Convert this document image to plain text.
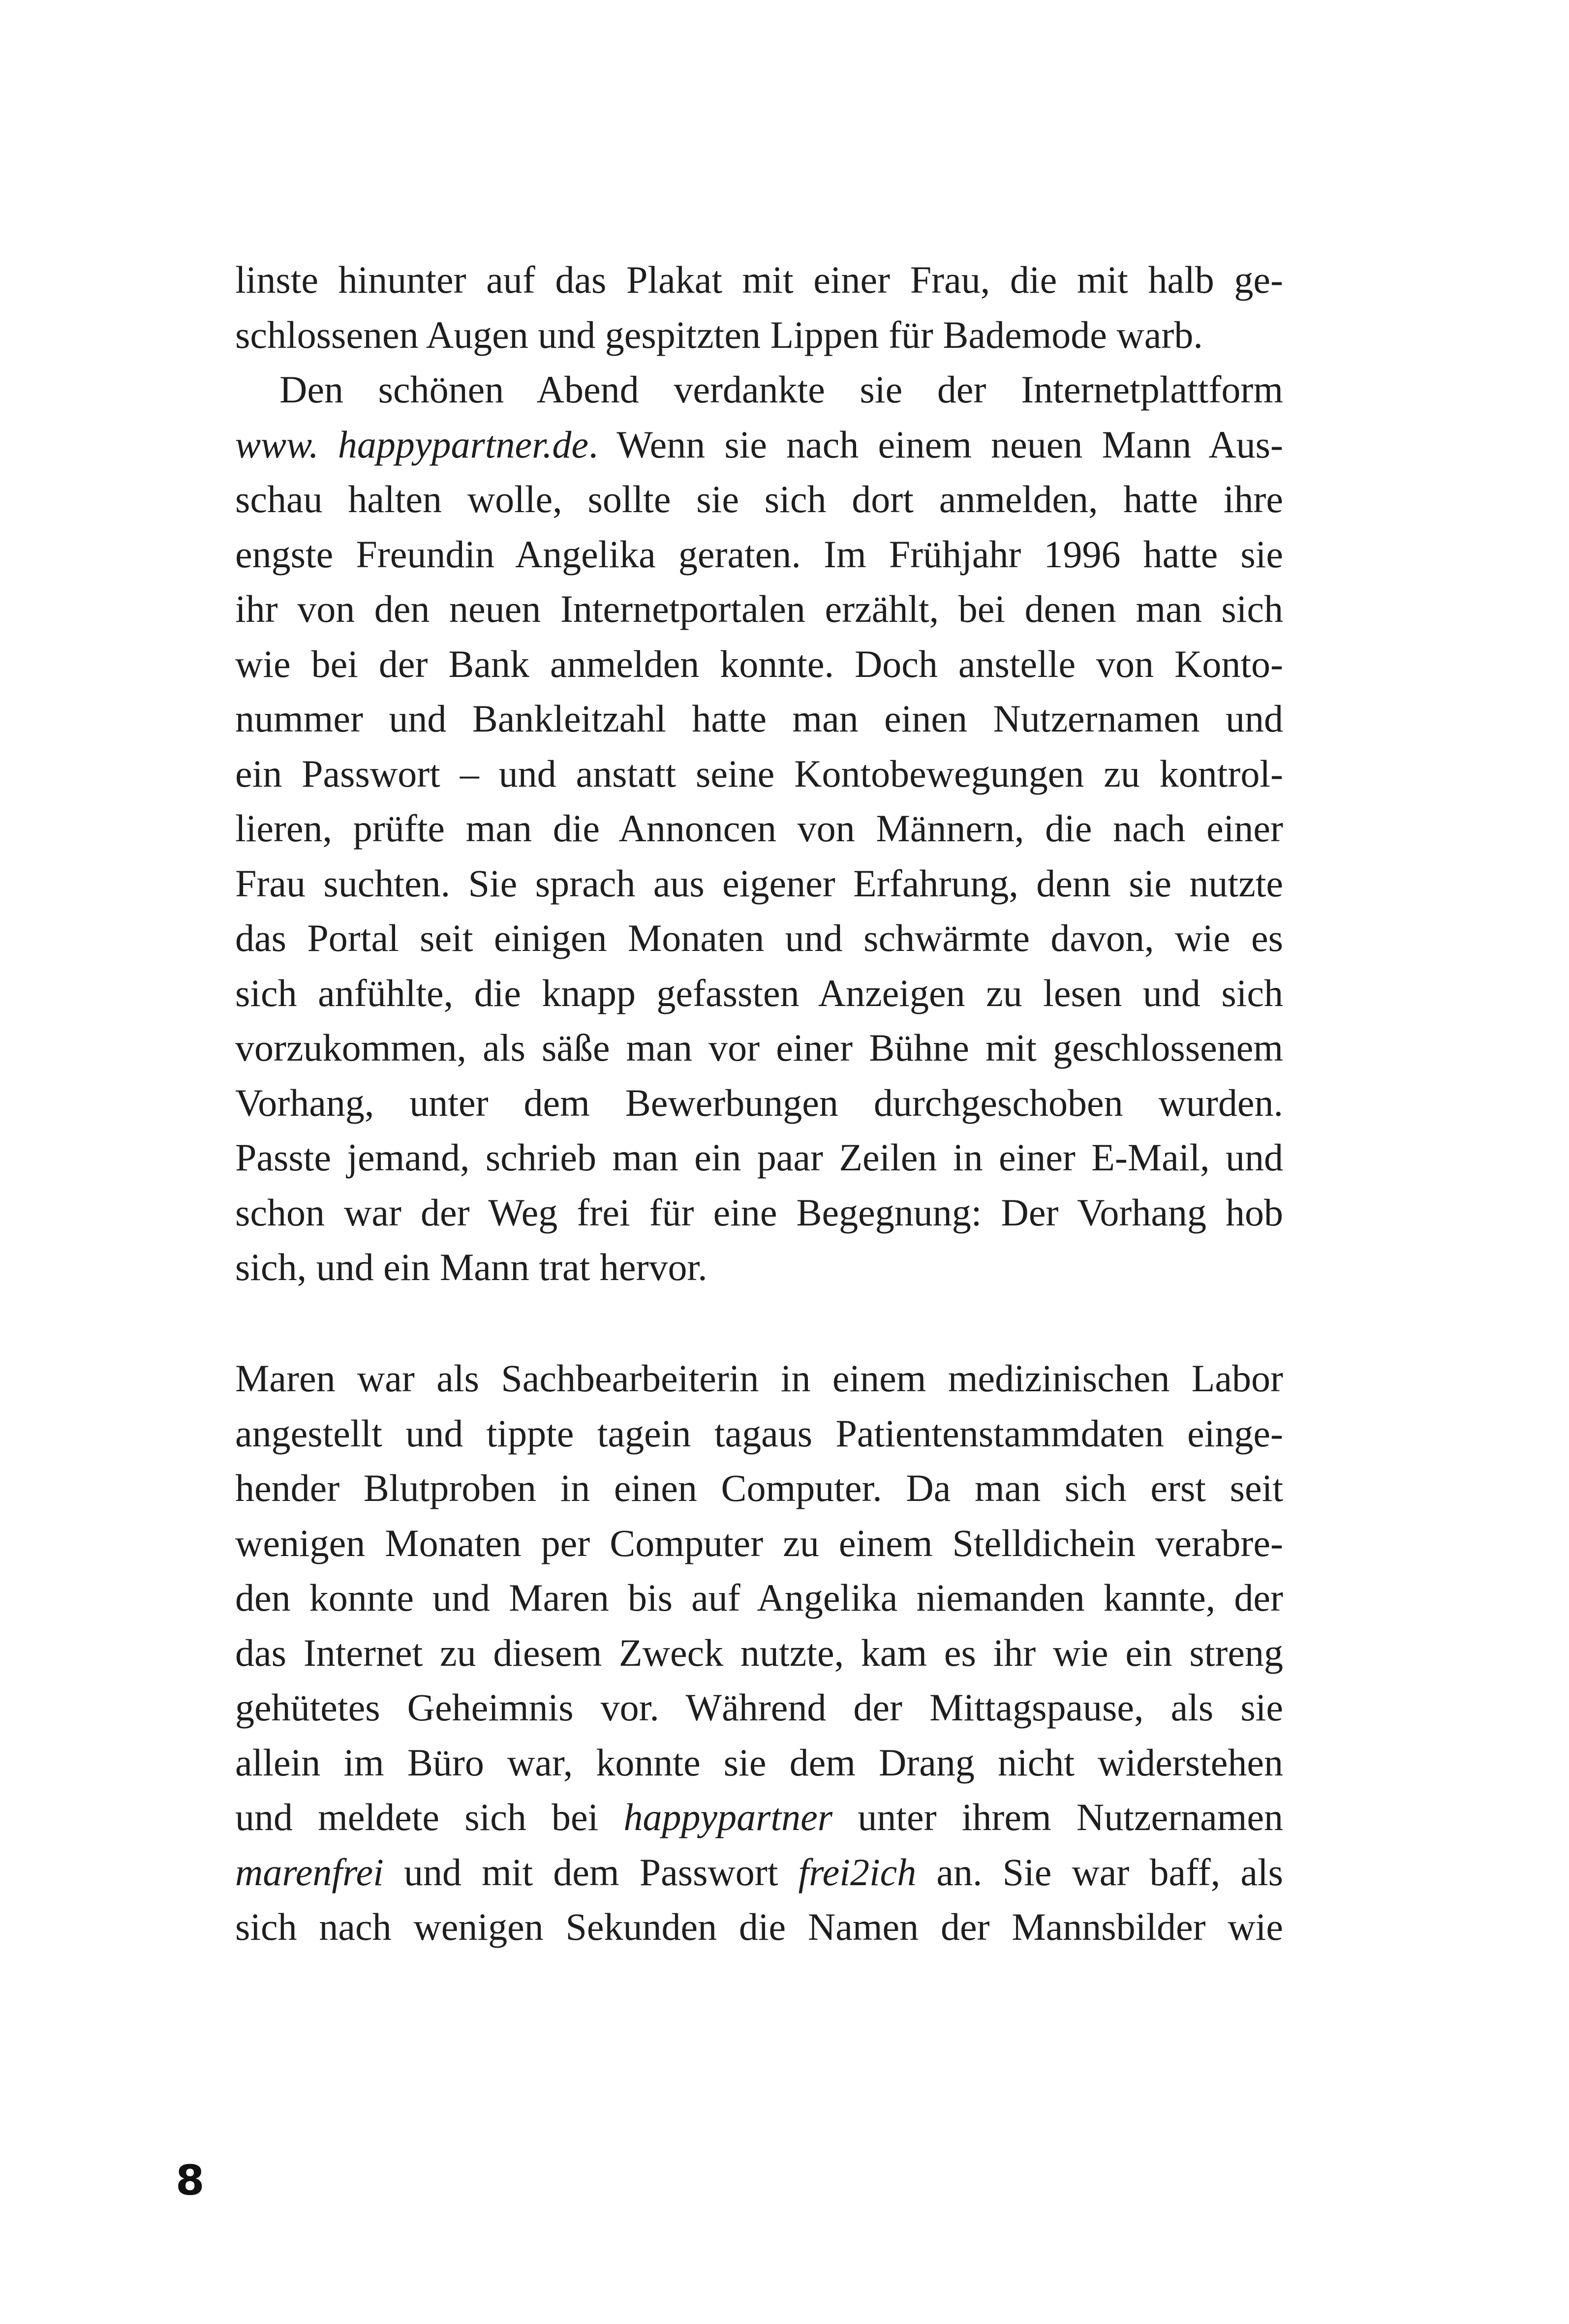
linste hinunter auf das Plakat mit einer Frau, die mit halb ge-
schlossenen Augen und gespitzten Lippen für Bademode warb.
Den schönen Abend verdankte sie der Internetplattform
www. happypartner.de. Wenn sie nach einem neuen Mann Aus-
schau halten wolle, sollte sie sich dort anmelden, hatte ihre
engste Freundin Angelika geraten. Im Frühjahr 1996 hatte sie
ihr von den neuen Internetportalen erzählt, bei denen man sich
wie bei der Bank anmelden konnte. Doch anstelle von Konto-
nummer und Bankleitzahl hatte man einen Nutzernamen und
ein Passwort – und anstatt seine Kontobewegungen zu kontrol-
lieren, prüfte man die Annoncen von Männern, die nach einer
Frau suchten. Sie sprach aus eigener Erfahrung, denn sie nutzte
das Portal seit einigen Monaten und schwärmte davon, wie es
sich anfühlte, die knapp gefassten Anzeigen zu lesen und sich
vorzukommen, als säße man vor einer Bühne mit geschlossenem
Vorhang, unter dem Bewerbungen durchgeschoben wurden.
Passte jemand, schrieb man ein paar Zeilen in einer E-Mail, und
schon war der Weg frei für eine Begegnung: Der Vorhang hob
sich, und ein Mann trat hervor.
Maren war als Sachbearbeiterin in einem medizinischen Labor
angestellt und tippte tagein tagaus Patientenstammdaten einge-
hender Blutproben in einen Computer. Da man sich erst seit
wenigen Monaten per Computer zu einem Stelldichein verabre-
den konnte und Maren bis auf Angelika niemanden kannte, der
das Internet zu diesem Zweck nutzte, kam es ihr wie ein streng
gehütetes Geheimnis vor. Während der Mittagspause, als sie
allein im Büro war, konnte sie dem Drang nicht widerstehen
und meldete sich bei happypartner unter ihrem Nutzernamen
marenfrei und mit dem Passwort frei2ich an. Sie war baff, als
sich nach wenigen Sekunden die Namen der Mannsbilder wie
8
